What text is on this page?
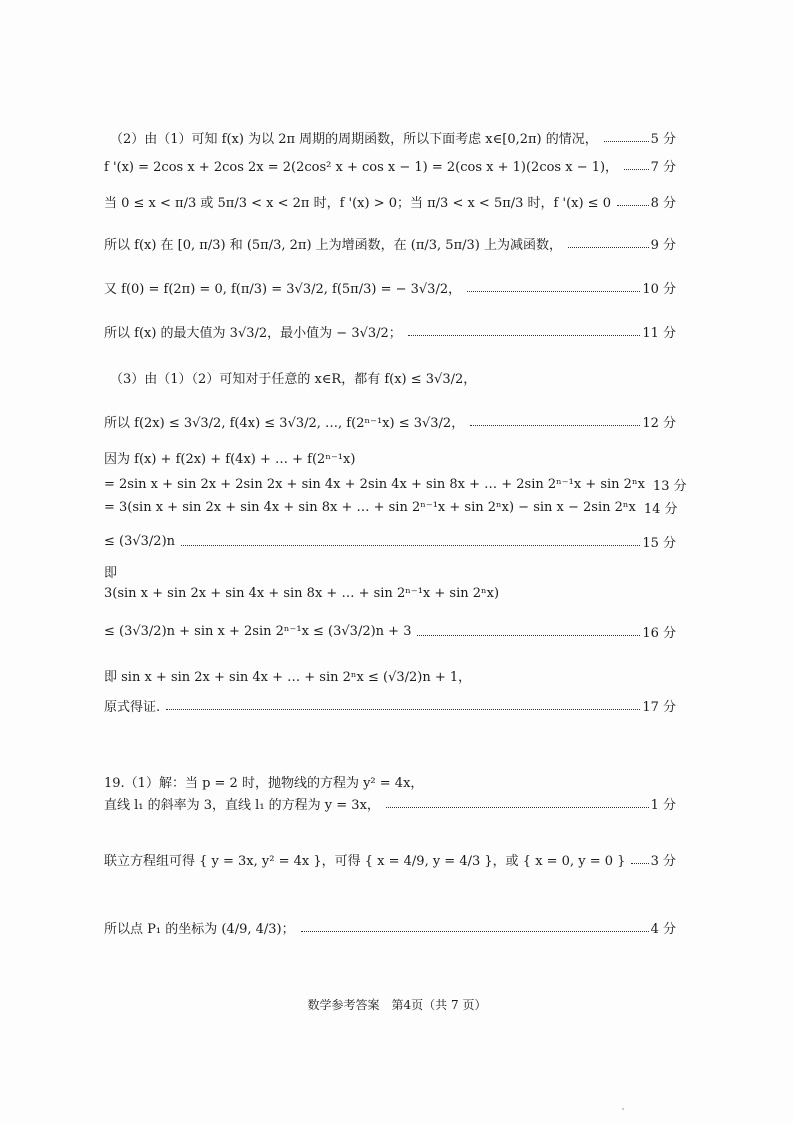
（2）由（1）可知 f(x) 为以 2π 周期的周期函数，所以下面考虑 x∈[0,2π) 的情况，	5 分
f '(x) = 2cos x + 2cos 2x = 2(2cos² x + cos x − 1) = 2(cos x + 1)(2cos x − 1)，	7 分
当 0 ≤ x < π/3 或 5π/3 < x < 2π 时，f '(x) > 0；当 π/3 < x < 5π/3 时，f '(x) ≤ 0	8 分
所以 f(x) 在 [0, π/3) 和 (5π/3, 2π) 上为增函数，在 (π/3, 5π/3) 上为减函数，	9 分
又 f(0) = f(2π) = 0, f(π/3) = 3√3/2, f(5π/3) = − 3√3/2，	10 分
所以 f(x) 的最大值为 3√3/2，最小值为 − 3√3/2；	11 分
（3）由（1）（2）可知对于任意的 x∈R，都有 f(x) ≤ 3√3/2，
所以 f(2x) ≤ 3√3/2, f(4x) ≤ 3√3/2, …, f(2ⁿ⁻¹x) ≤ 3√3/2，	12 分
因为 f(x) + f(2x) + f(4x) + … + f(2ⁿ⁻¹x)
= 2sin x + sin 2x + 2sin 2x + sin 4x + 2sin 4x + sin 8x + … + 2sin 2ⁿ⁻¹x + sin 2ⁿx 13 分
= 3(sin x + sin 2x + sin 4x + sin 8x + … + sin 2ⁿ⁻¹x + sin 2ⁿx) − sin x − 2sin 2ⁿx 14 分
≤ (3√3/2)n	15 分
即
3(sin x + sin 2x + sin 4x + sin 8x + … + sin 2ⁿ⁻¹x + sin 2ⁿx)
≤ (3√3/2)n + sin x + 2sin 2ⁿ⁻¹x ≤ (3√3/2)n + 3	16 分
即 sin x + sin 2x + sin 4x + … + sin 2ⁿx ≤ (√3/2)n + 1，
原式得证.	17 分
19.（1）解：当 p = 2 时，抛物线的方程为 y² = 4x，
直线 l₁ 的斜率为 3，直线 l₁ 的方程为 y = 3x，	1 分
联立方程组可得 { y = 3x, y² = 4x }，可得 { x = 4/9, y = 4/3 }，或 { x = 0, y = 0 } 3 分
所以点 P₁ 的坐标为 (4/9, 4/3)；	4 分
数学参考答案　第4页（共 7 页）
